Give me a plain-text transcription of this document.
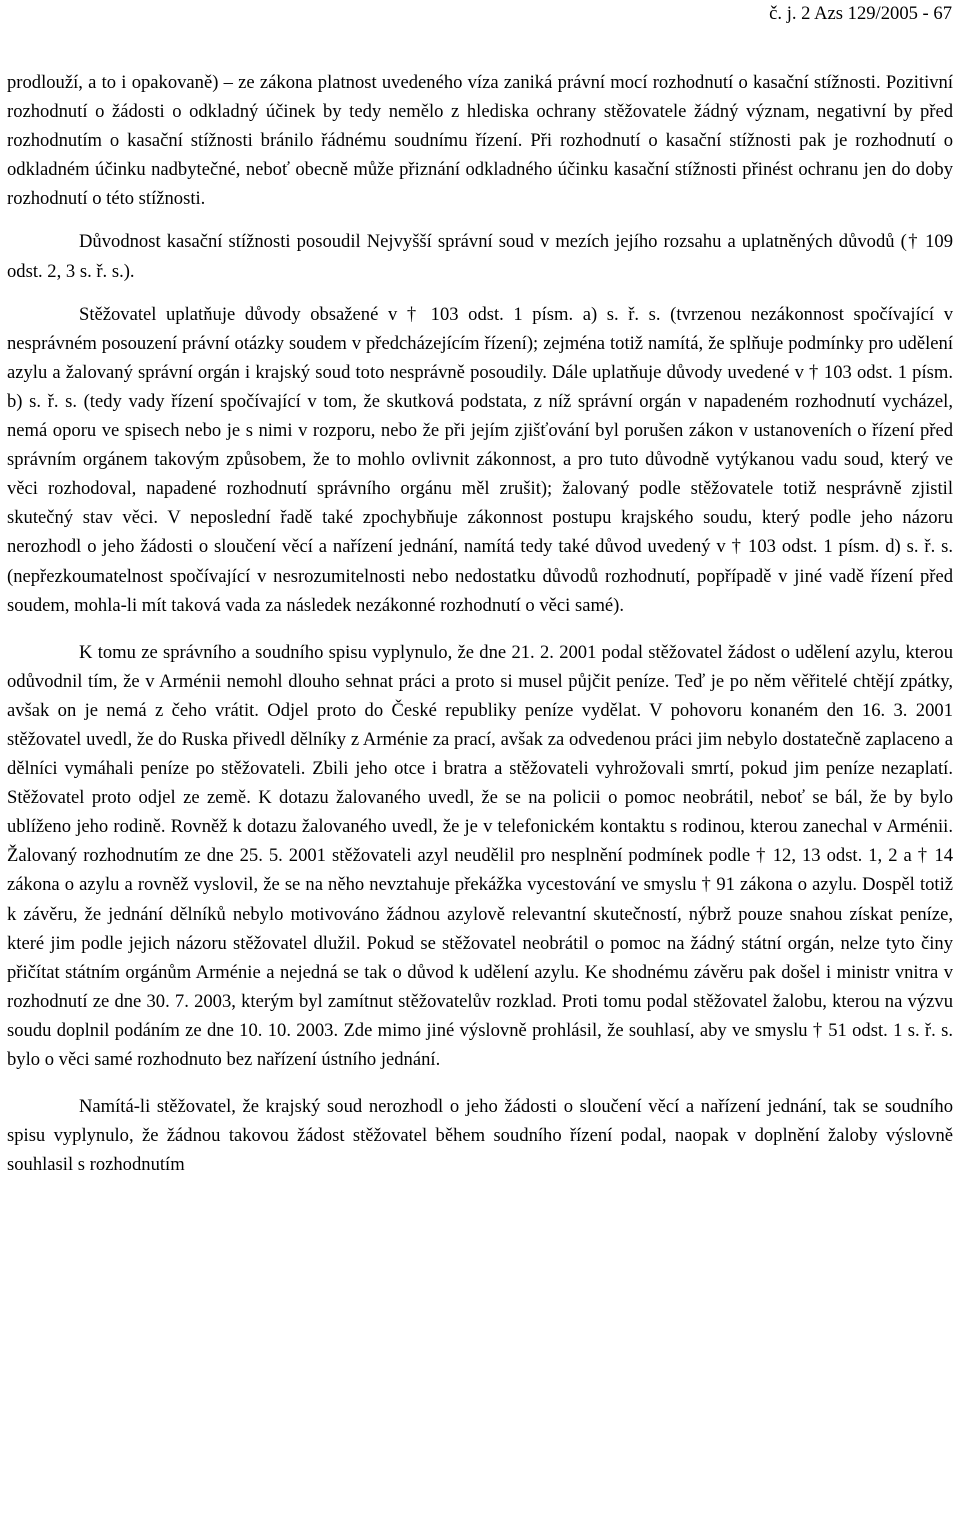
č. j. 2 Azs 129/2005 - 67

prodlouží, a to i opakovaně) – ze zákona platnost uvedeného víza zaniká právní mocí rozhodnutí o kasační stížnosti. Pozitivní rozhodnutí o žádosti o odkladný účinek by tedy nemělo z hlediska ochrany stěžovatele žádný význam, negativní by před rozhodnutím o kasační stížnosti bránilo řádnému soudnímu řízení. Při rozhodnutí o kasační stížnosti pak je rozhodnutí o odkladném účinku nadbytečné, neboť obecně může přiznání odkladného účinku kasační stížnosti přinést ochranu jen do doby rozhodnutí o této stížnosti.

Důvodnost kasační stížnosti posoudil Nejvyšší správní soud v mezích jejího rozsahu a uplatněných důvodů († 109 odst. 2, 3 s. ř. s.).

Stěžovatel uplatňuje důvody obsažené v † 103 odst. 1 písm. a) s. ř. s. (tvrzenou nezákonnost spočívající v nesprávném posouzení právní otázky soudem v předcházejícím řízení); zejména totiž namítá, že splňuje podmínky pro udělení azylu a žalovaný správní orgán i krajský soud toto nesprávně posoudily. Dále uplatňuje důvody uvedené v † 103 odst. 1 písm. b) s. ř. s. (tedy vady řízení spočívající v tom, že skutková podstata, z níž správní orgán v napadeném rozhodnutí vycházel, nemá oporu ve spisech nebo je s nimi v rozporu, nebo že při jejím zjišťování byl porušen zákon v ustanoveních o řízení před správním orgánem takovým způsobem, že to mohlo ovlivnit zákonnost, a pro tuto důvodně vytýkanou vadu soud, který ve věci rozhodoval, napadené rozhodnutí správního orgánu měl zrušit); žalovaný podle stěžovatele totiž nesprávně zjistil skutečný stav věci. V neposlední řadě také zpochybňuje zákonnost postupu krajského soudu, který podle jeho názoru nerozhodl o jeho žádosti o sloučení věcí a nařízení jednání, namítá tedy také důvod uvedený v † 103 odst. 1 písm. d) s. ř. s. (nepřezkoumatelnost spočívající v nesrozumitelnosti nebo nedostatku důvodů rozhodnutí, popřípadě v jiné vadě řízení před soudem, mohla-li mít taková vada za následek nezákonné rozhodnutí o věci samé).

K tomu ze správního a soudního spisu vyplynulo, že dne 21. 2. 2001 podal stěžovatel žádost o udělení azylu, kterou odůvodnil tím, že v Arménii nemohl dlouho sehnat práci a proto si musel půjčit peníze. Teď je po něm věřitelé chtějí zpátky, avšak on je nemá z čeho vrátit. Odjel proto do České republiky peníze vydělat. V pohovoru konaném den 16. 3. 2001 stěžovatel uvedl, že do Ruska přivedl dělníky z Arménie za prací, avšak za odvedenou práci jim nebylo dostatečně zaplaceno a dělníci vymáhali peníze po stěžovateli. Zbili jeho otce i bratra a stěžovateli vyhrožovali smrtí, pokud jim peníze nezaplatí. Stěžovatel proto odjel ze země. K dotazu žalovaného uvedl, že se na policii o pomoc neobrátil, neboť se bál, že by bylo ublíženo jeho rodině. Rovněž k dotazu žalovaného uvedl, že je v telefonickém kontaktu s rodinou, kterou zanechal v Arménii. Žalovaný rozhodnutím ze dne 25. 5. 2001 stěžovateli azyl neudělil pro nesplnění podmínek podle † 12, 13 odst. 1, 2 a † 14 zákona o azylu a rovněž vyslovil, že se na něho nevztahuje překážka vycestování ve smyslu † 91 zákona o azylu. Dospěl totiž k závěru, že jednání dělníků nebylo motivováno žádnou azylově relevantní skutečností, nýbrž pouze snahou získat peníze, které jim podle jejich názoru stěžovatel dlužil. Pokud se stěžovatel neobrátil o pomoc na žádný státní orgán, nelze tyto činy přičítat státním orgánům Arménie a nejedná se tak o důvod k udělení azylu. Ke shodnému závěru pak došel i ministr vnitra v rozhodnutí ze dne 30. 7. 2003, kterým byl zamítnut stěžovatelův rozklad. Proti tomu podal stěžovatel žalobu, kterou na výzvu soudu doplnil podáním ze dne 10. 10. 2003. Zde mimo jiné výslovně prohlásil, že souhlasí, aby ve smyslu † 51 odst. 1 s. ř. s. bylo o věci samé rozhodnuto bez nařízení ústního jednání.

Namítá-li stěžovatel, že krajský soud nerozhodl o jeho žádosti o sloučení věcí a nařízení jednání, tak se soudního spisu vyplynulo, že žádnou takovou žádost stěžovatel během soudního řízení podal, naopak v doplnění žaloby výslovně souhlasil s rozhodnutím
